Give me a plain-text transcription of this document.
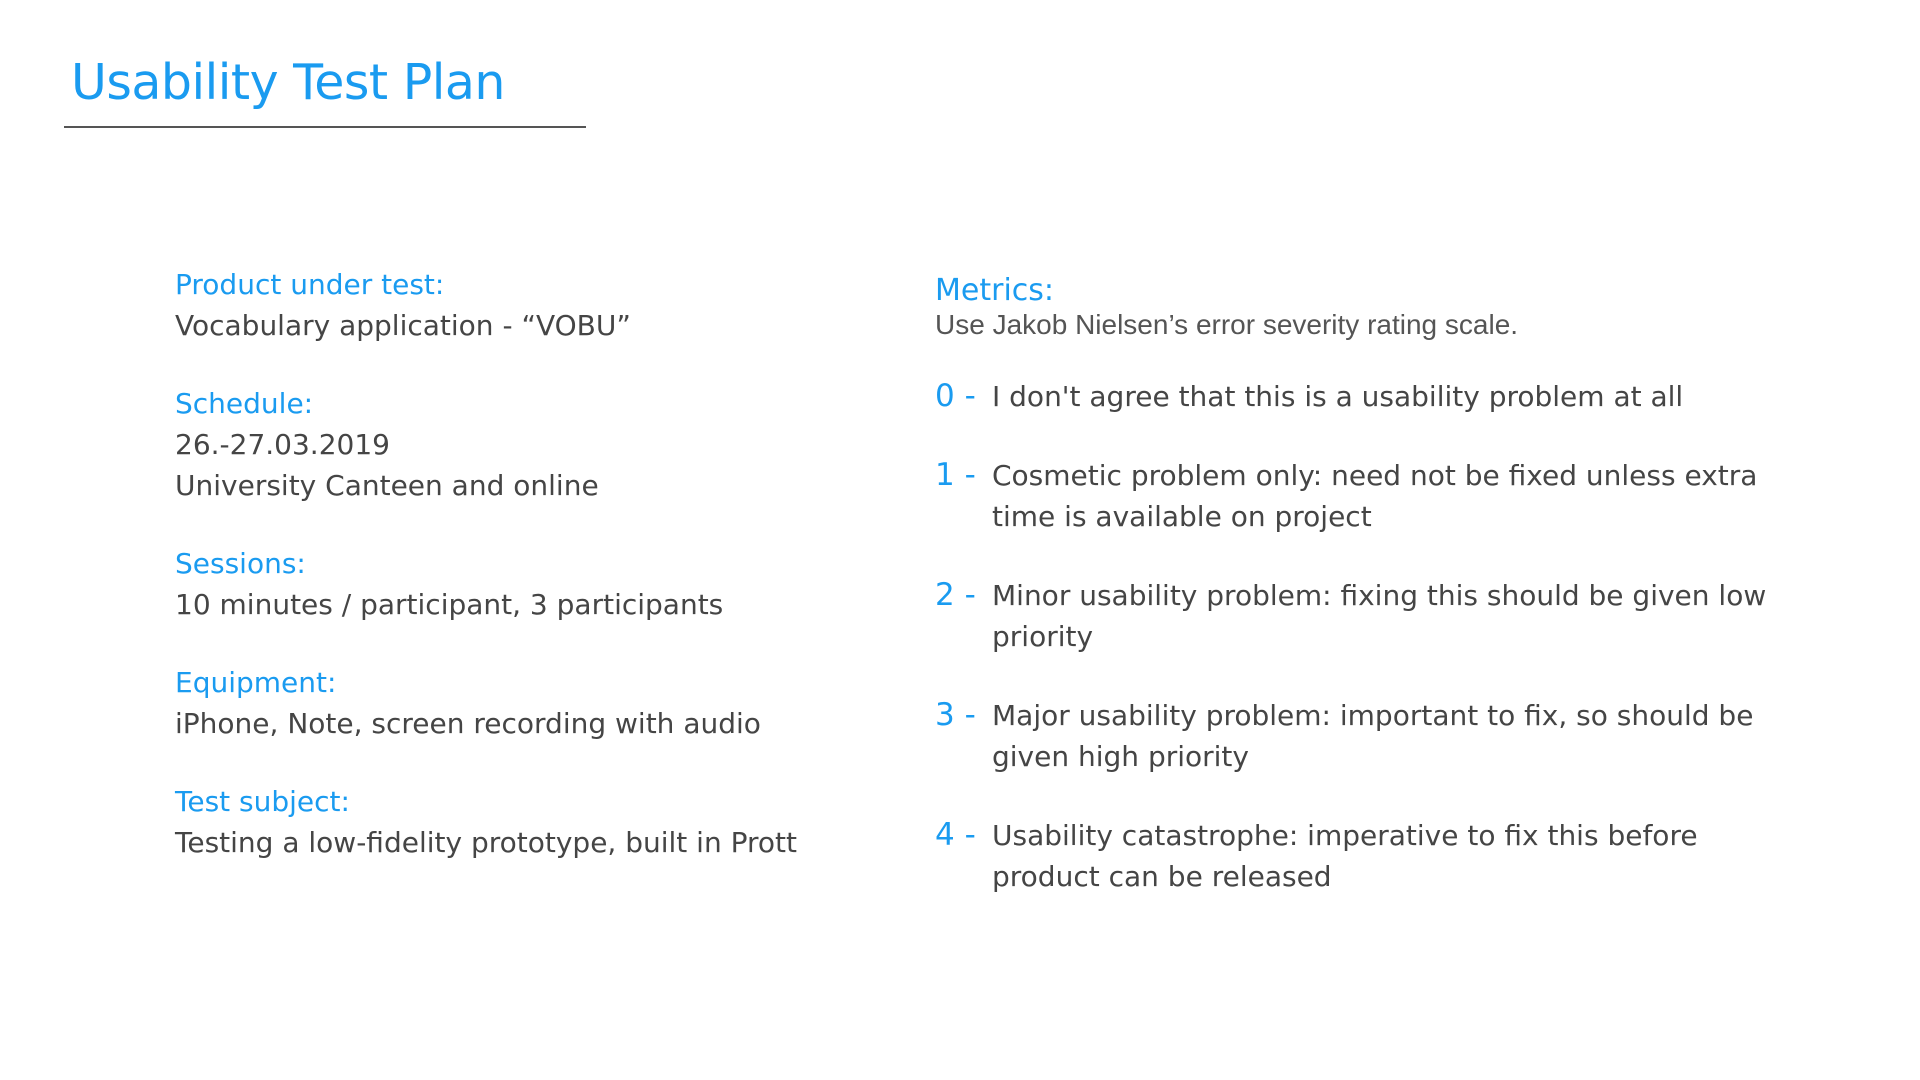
Usability Test Plan
Product under test:
Vocabulary application - “VOBU”
Schedule:
26.-27.03.2019
University Canteen and online
Sessions:
10 minutes / participant, 3 participants
Equipment:
iPhone, Note, screen recording with audio
Test subject:
Testing a low-fidelity prototype, built in Prott
Metrics:
Use Jakob Nielsen’s error severity rating scale.
0 - I don't agree that this is a usability problem at all
1 - Cosmetic problem only: need not be fixed unless extra
time is available on project
2 - Minor usability problem: fixing this should be given low
priority
3 - Major usability problem: important to fix, so should be
given high priority
4 - Usability catastrophe: imperative to fix this before
product can be released
